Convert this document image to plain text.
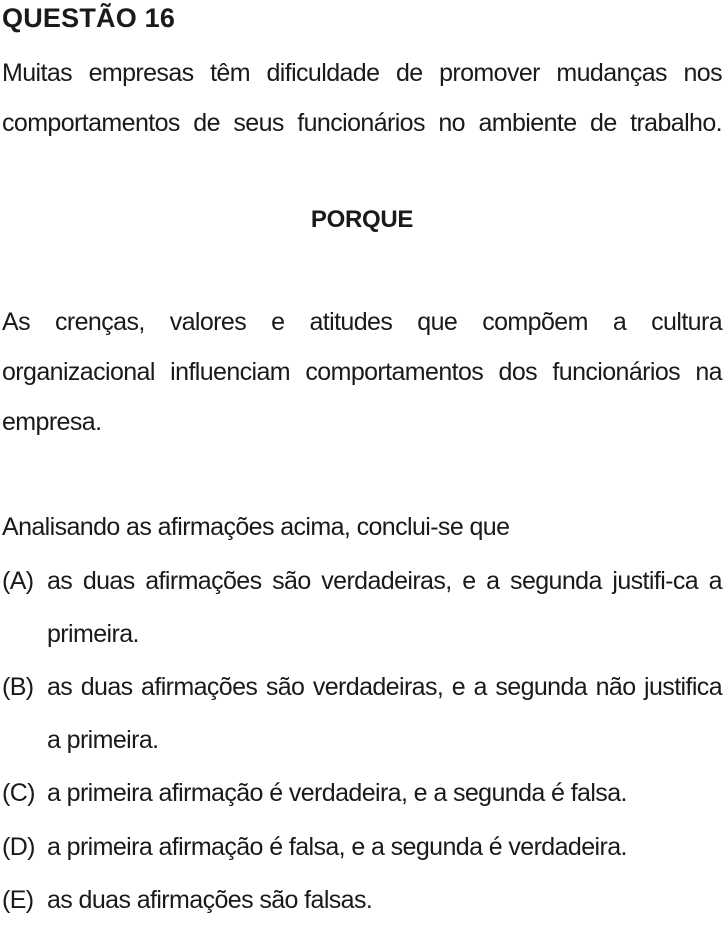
QUESTÃO 16
Muitas empresas têm dificuldade de promover mudanças nos comportamentos de seus funcionários no ambiente de trabalho.
PORQUE
As crenças, valores e atitudes que compõem a cultura organizacional influenciam comportamentos dos funcionários na empresa.
Analisando as afirmações acima, conclui-se que
(A) as duas afirmações são verdadeiras, e a segunda justifi-ca a primeira.
(B) as duas afirmações são verdadeiras, e a segunda não justifica a primeira.
(C) a primeira afirmação é verdadeira, e a segunda é falsa.
(D) a primeira afirmação é falsa, e a segunda é verdadeira.
(E) as duas afirmações são falsas.
